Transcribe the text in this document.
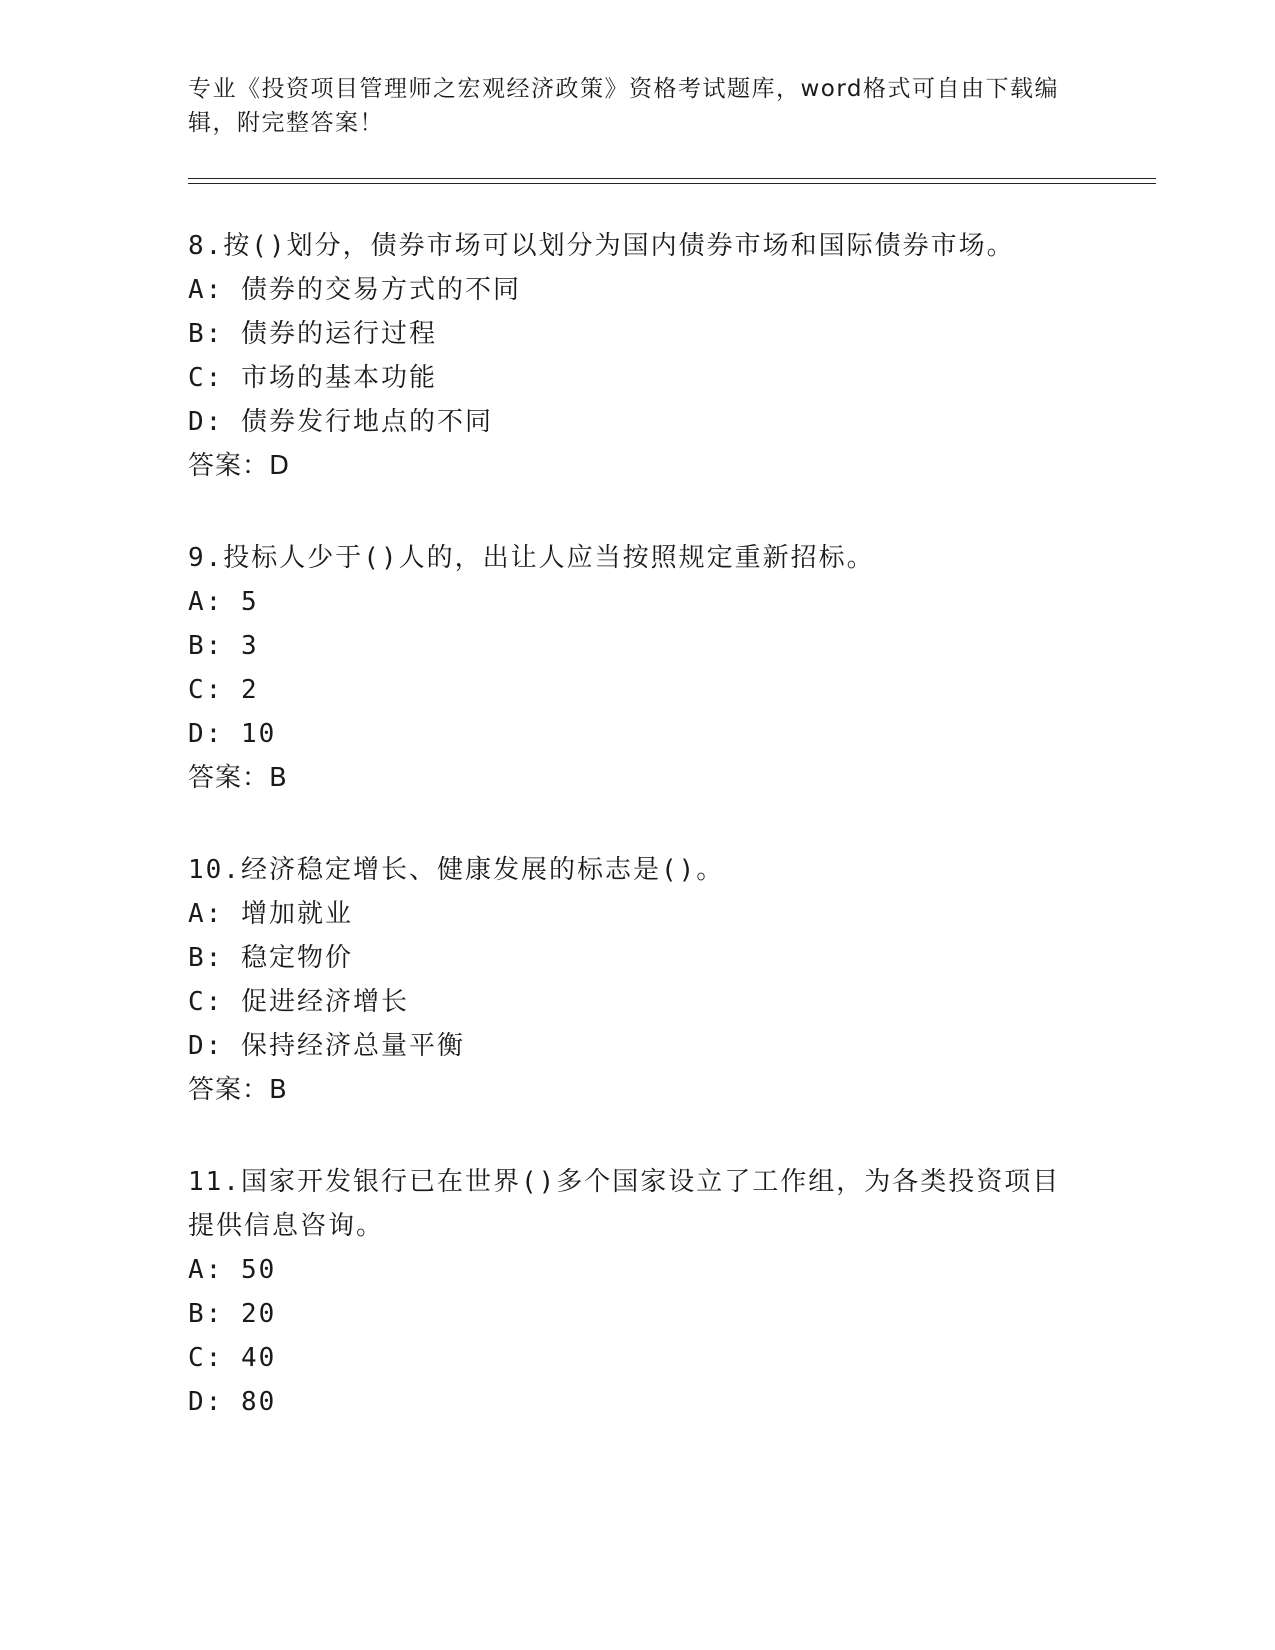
专业《投资项目管理师之宏观经济政策》资格考试题库，word格式可自由下载编
辑，附完整答案！
8.按()划分，债券市场可以划分为国内债券市场和国际债券市场。
A: 债券的交易方式的不同
B: 债券的运行过程
C: 市场的基本功能
D: 债券发行地点的不同
答案：D
9.投标人少于()人的，出让人应当按照规定重新招标。
A: 5
B: 3
C: 2
D: 10
答案：B
10.经济稳定增长、健康发展的标志是()。
A: 增加就业
B: 稳定物价
C: 促进经济增长
D: 保持经济总量平衡
答案：B
11.国家开发银行已在世界()多个国家设立了工作组，为各类投资项目
提供信息咨询。
A: 50
B: 20
C: 40
D: 80
